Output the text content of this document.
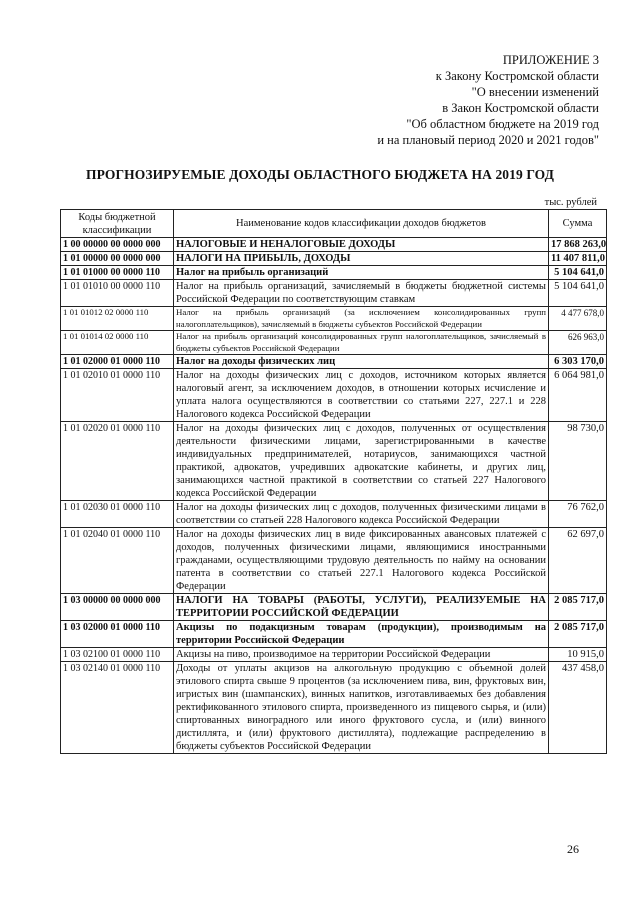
ПРИЛОЖЕНИЕ 3
к Закону Костромской области
"О внесении изменений
в Закон Костромской области
"Об областном бюджете на 2019 год
и на плановый период 2020 и 2021 годов"
ПРОГНОЗИРУЕМЫЕ ДОХОДЫ ОБЛАСТНОГО БЮДЖЕТА НА 2019 ГОД
тыс. рублей
Коды бюджетной классификации	Наименование кодов классификации доходов бюджетов	Сумма
1 00 00000 00 0000 000	НАЛОГОВЫЕ И НЕНАЛОГОВЫЕ ДОХОДЫ	17 868 263,0
1 01 00000 00 0000 000	НАЛОГИ НА ПРИБЫЛЬ, ДОХОДЫ	11 407 811,0
1 01 01000 00 0000 110	Налог на прибыль организаций	5 104 641,0
1 01 01010 00 0000 110	Налог на прибыль организаций, зачисляемый в бюджеты бюджетной системы Российской Федерации по соответствующим ставкам	5 104 641,0
1 01 01012 02 0000 110	Налог на прибыль организаций (за исключением консолидированных групп налогоплательщиков), зачисляемый в бюджеты субъектов Российской Федерации	4 477 678,0
1 01 01014 02 0000 110	Налог на прибыль организаций консолидированных групп налогоплательщиков, зачисляемый в бюджеты субъектов Российской Федерации	626 963,0
1 01 02000 01 0000 110	Налог на доходы физических лиц	6 303 170,0
1 01 02010 01 0000 110	Налог на доходы физических лиц с доходов, источником которых является налоговый агент, за исключением доходов, в отношении которых исчисление и уплата налога осуществляются в соответствии со статьями 227, 227.1 и 228 Налогового кодекса Российской Федерации	6 064 981,0
1 01 02020 01 0000 110	Налог на доходы физических лиц с доходов, полученных от осуществления деятельности физическими лицами, зарегистрированными в качестве индивидуальных предпринимателей, нотариусов, занимающихся частной практикой, адвокатов, учредивших адвокатские кабинеты, и других лиц, занимающихся частной практикой в соответствии со статьей 227 Налогового кодекса Российской Федерации	98 730,0
1 01 02030 01 0000 110	Налог на доходы физических лиц с доходов, полученных физическими лицами в соответствии со статьей 228 Налогового кодекса Российской Федерации	76 762,0
1 01 02040 01 0000 110	Налог на доходы физических лиц в виде фиксированных авансовых платежей с доходов, полученных физическими лицами, являющимися иностранными гражданами, осуществляющими трудовую деятельность по найму на основании патента в соответствии со статьей 227.1 Налогового кодекса Российской Федерации	62 697,0
1 03 00000 00 0000 000	НАЛОГИ НА ТОВАРЫ (РАБОТЫ, УСЛУГИ), РЕАЛИЗУЕМЫЕ НА ТЕРРИТОРИИ РОССИЙСКОЙ ФЕДЕРАЦИИ	2 085 717,0
1 03 02000 01 0000 110	Акцизы по подакцизным товарам (продукции), производимым на территории Российской Федерации	2 085 717,0
1 03 02100 01 0000 110	Акцизы на пиво, производимое на территории Российской Федерации	10 915,0
1 03 02140 01 0000 110	Доходы от уплаты акцизов на алкогольную продукцию с объемной долей этилового спирта свыше 9 процентов (за исключением пива, вин, фруктовых вин, игристых вин (шампанских), винных напитков, изготавливаемых без добавления ректификованного этилового спирта, произведенного из пищевого сырья, и (или) спиртованных виноградного или иного фруктового сусла, и (или) винного дистиллята, и (или) фруктового дистиллята), подлежащие распределению в бюджеты субъектов Российской Федерации	437 458,0
26
